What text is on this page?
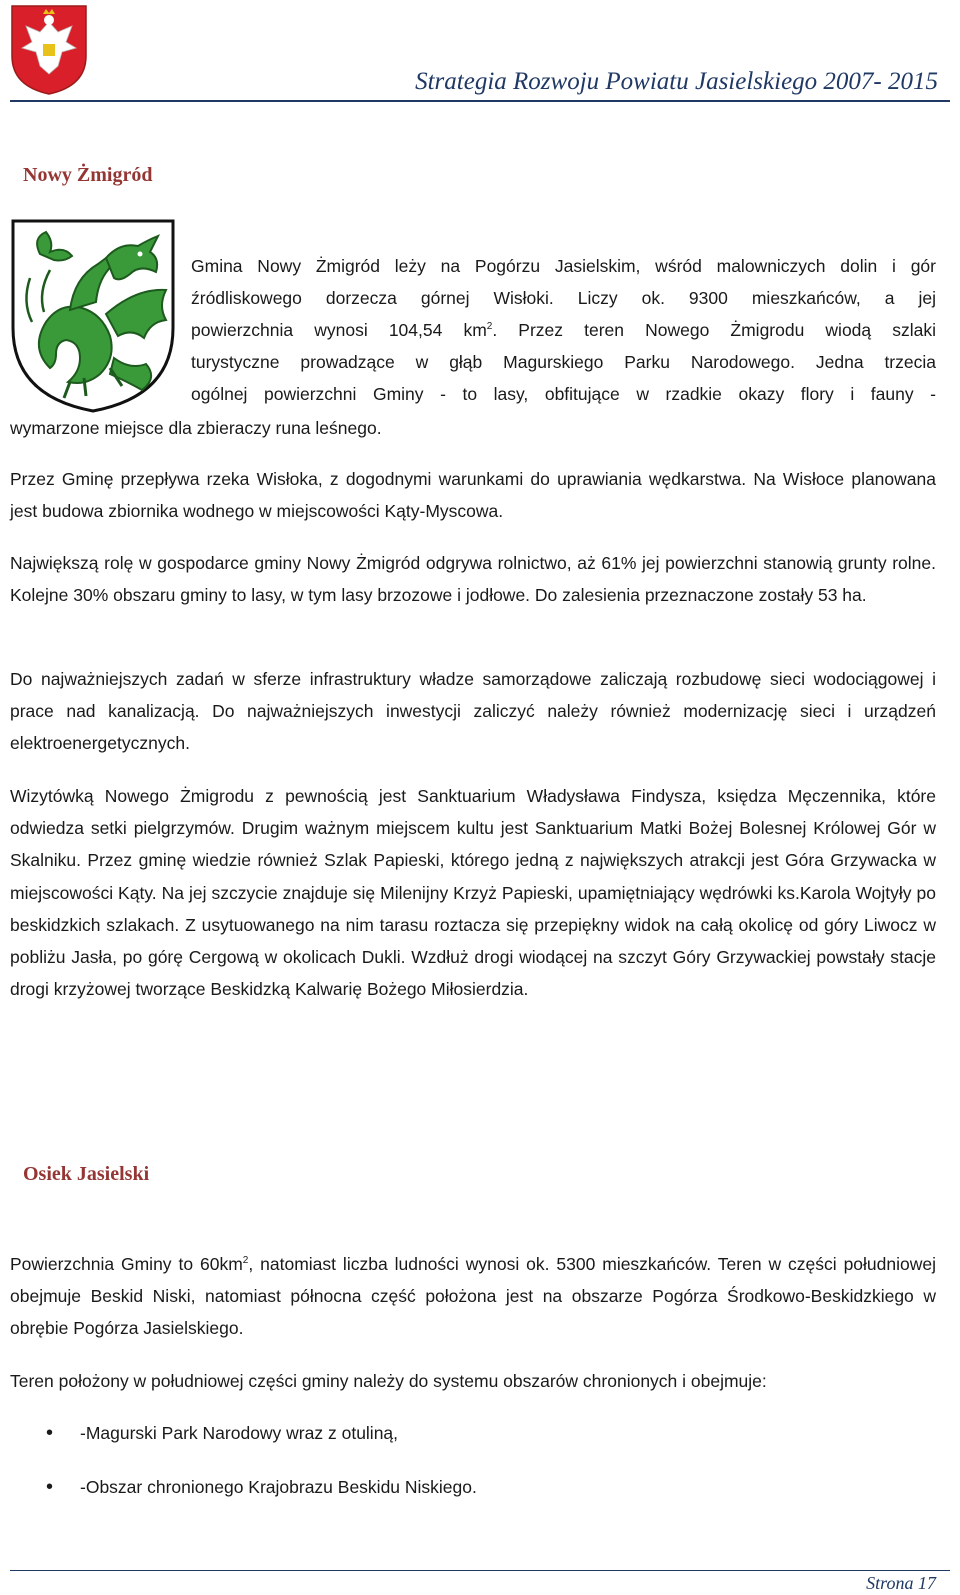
Strategia Rozwoju Powiatu Jasielskiego 2007- 2015
Nowy Żmigród

Gmina Nowy Żmigród leży na Pogórzu Jasielskim, wśród malowniczych dolin i gór

źródliskowego dorzecza górnej Wisłoki. Liczy ok. 9300 mieszkańców, a jej

powierzchnia wynosi 104,54 $km^2$. Przez teren Nowego Żmigrodu wiodą szlaki

turystyczne prowadzące w głąb Magurskiego Parku Narodowego. Jedna trzecia

ogólnej powierzchni Gminy - to lasy, obfitujące w rzadkie okazy flory i fauny -

wymarzone miejsce dla zbieraczy runa leśnego.

Przez Gminę przepływa rzeka Wisłoka, z dogodnymi warunkami do uprawiania wędkarstwa. Na Wisłoce planowana jest budowa zbiornika wodnego w miejscowości Kąty-Myscowa.

Największą rolę w gospodarce gminy Nowy Żmigród odgrywa rolnictwo, aż 61% jej powierzchni stanowią grunty rolne. Kolejne 30% obszaru gminy to lasy, w tym lasy brzozowe i jodłowe. Do zalesienia przeznaczone zostały 53 ha.

Do najważniejszych zadań w sferze infrastruktury władze samorządowe zaliczają rozbudowę sieci wodociągowej i prace nad kanalizacją. Do najważniejszych inwestycji zaliczyć należy również modernizację sieci i urządzeń elektroenergetycznych.

Wizytówką Nowego Żmigrodu z pewnością jest Sanktuarium Władysława Findysza, księdza Męczennika, które odwiedza setki pielgrzymów. Drugim ważnym miejscem kultu jest Sanktuarium Matki Bożej Bolesnej Królowej Gór w Skalniku. Przez gminę wiedzie również Szlak Papieski, którego jedną z największych atrakcji jest Góra Grzywacka w miejscowości Kąty. Na jej szczycie znajduje się Milenijny Krzyż Papieski, upamiętniający wędrówki ks.Karola Wojtyły po beskidzkich szlakach. Z usytuowanego na nim tarasu roztacza się przepiękny widok na całą okolicę od góry Liwocz w pobliżu Jasła, po górę Cergową w okolicach Dukli. Wzdłuż drogi wiodącej na szczyt Góry Grzywackiej powstały stacje drogi krzyżowej tworzące Beskidzką Kalwarię Bożego Miłosierdzia.

Osiek Jasielski

Powierzchnia Gminy to $60km^2$, natomiast liczba ludności wynosi ok. 5300 mieszkańców. Teren w części południowej obejmuje Beskid Niski, natomiast północna część położona jest na obszarze Pogórza Środkowo-Beskidzkiego w obrębie Pogórza Jasielskiego.

Teren położony w południowej części gminy należy do systemu obszarów chronionych i obejmuje:

• -Magurski Park Narodowy wraz z otuliną,
• -Obszar chronionego Krajobrazu Beskidu Niskiego.
Strona 17
